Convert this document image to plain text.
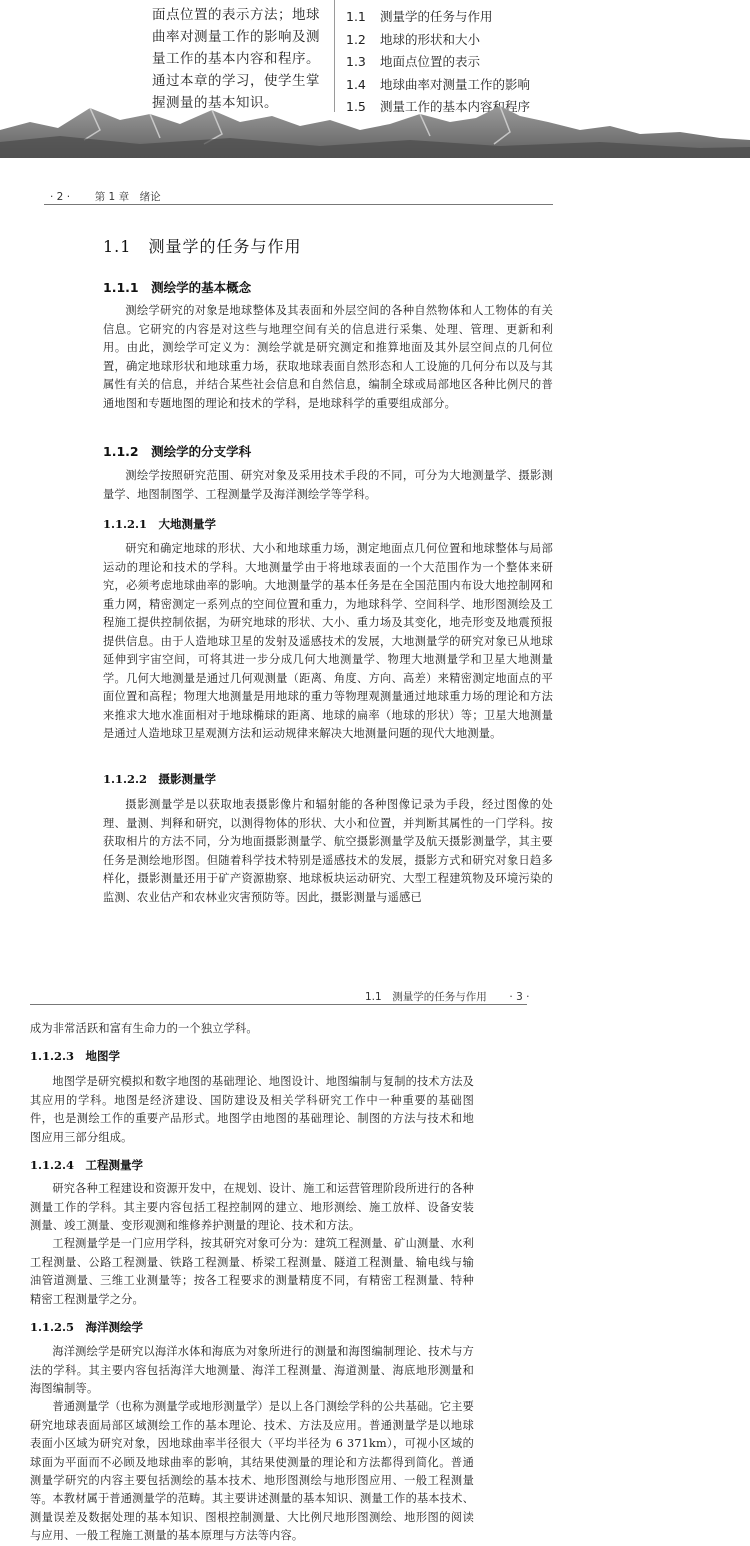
面点位置的表示方法；地球

曲率对测量工作的影响及测

量工作的基本内容和程序。

通过本章的学习，使学生掌

握测量的基本知识。

1.1 测量学的任务与作用
1.2 地球的形状和大小
1.3 地面点位置的表示
1.4 地球曲率对测量工作的影响
1.5 测量工作的基本内容和程序
· 2 · 第 1 章　绪论
1.1　测量学的任务与作用
1.1.1　测绘学的基本概念

测绘学研究的对象是地球整体及其表面和外层空间的各种自然物体和人工物体的有关信息。它研究的内容是对这些与地理空间有关的信息进行采集、处理、管理、更新和利用。由此，测绘学可定义为：测绘学就是研究测定和推算地面及其外层空间点的几何位置，确定地球形状和地球重力场，获取地球表面自然形态和人工设施的几何分布以及与其属性有关的信息，并结合某些社会信息和自然信息，编制全球或局部地区各种比例尺的普通地图和专题地图的理论和技术的学科，是地球科学的重要组成部分。

1.1.2　测绘学的分支学科

测绘学按照研究范围、研究对象及采用技术手段的不同，可分为大地测量学、摄影测量学、地图制图学、工程测量学及海洋测绘学等学科。

1.1.2.1　大地测量学

研究和确定地球的形状、大小和地球重力场，测定地面点几何位置和地球整体与局部运动的理论和技术的学科。大地测量学由于将地球表面的一个大范围作为一个整体来研究，必须考虑地球曲率的影响。大地测量学的基本任务是在全国范围内布设大地控制网和重力网，精密测定一系列点的空间位置和重力，为地球科学、空间科学、地形图测绘及工程施工提供控制依据，为研究地球的形状、大小、重力场及其变化，地壳形变及地震预报提供信息。由于人造地球卫星的发射及遥感技术的发展，大地测量学的研究对象已从地球延伸到宇宙空间，可将其进一步分成几何大地测量学、物理大地测量学和卫星大地测量学。几何大地测量是通过几何观测量（距离、角度、方向、高差）来精密测定地面点的平面位置和高程；物理大地测量是用地球的重力等物理观测量通过地球重力场的理论和方法来推求大地水准面相对于地球椭球的距离、地球的扁率（地球的形状）等；卫星大地测量是通过人造地球卫星观测方法和运动规律来解决大地测量问题的现代大地测量。

1.1.2.2　摄影测量学

摄影测量学是以获取地表摄影像片和辐射能的各种图像记录为手段，经过图像的处理、量测、判释和研究，以测得物体的形状、大小和位置，并判断其属性的一门学科。按获取相片的方法不同，分为地面摄影测量学、航空摄影测量学及航天摄影测量学，其主要任务是测绘地形图。但随着科学技术特别是遥感技术的发展，摄影方式和研究对象日趋多样化，摄影测量还用于矿产资源勘察、地球板块运动研究、大型工程建筑物及环境污染的监测、农业估产和农林业灾害预防等。因此，摄影测量与遥感已

1.1　测量学的任务与作用 · 3 ·

成为非常活跃和富有生命力的一个独立学科。

1.1.2.3　地图学

地图学是研究模拟和数字地图的基础理论、地图设计、地图编制与复制的技术方法及其应用的学科。地图是经济建设、国防建设及相关学科研究工作中一种重要的基础图件，也是测绘工作的重要产品形式。地图学由地图的基础理论、制图的方法与技术和地图应用三部分组成。

1.1.2.4　工程测量学

研究各种工程建设和资源开发中，在规划、设计、施工和运营管理阶段所进行的各种测量工作的学科。其主要内容包括工程控制网的建立、地形测绘、施工放样、设备安装测量、竣工测量、变形观测和维修养护测量的理论、技术和方法。

工程测量学是一门应用学科，按其研究对象可分为：建筑工程测量、矿山测量、水利工程测量、公路工程测量、铁路工程测量、桥梁工程测量、隧道工程测量、输电线与输油管道测量、三维工业测量等；按各工程要求的测量精度不同，有精密工程测量、特种精密工程测量学之分。

1.1.2.5　海洋测绘学

海洋测绘学是研究以海洋水体和海底为对象所进行的测量和海图编制理论、技术与方法的学科。其主要内容包括海洋大地测量、海洋工程测量、海道测量、海底地形测量和海图编制等。

普通测量学（也称为测量学或地形测量学）是以上各门测绘学科的公共基础。它主要研究地球表面局部区域测绘工作的基本理论、技术、方法及应用。普通测量学是以地球表面小区域为研究对象，因地球曲率半径很大（平均半径为 6 371km），可视小区域的球面为平面而不必顾及地球曲率的影响，其结果使测量的理论和方法都得到简化。普通测量学研究的内容主要包括测绘的基本技术、地形图测绘与地形图应用、一般工程测量等。 本教材属于普通测量学的范畴。其主要讲述测量的基本知识、测量工作的基本技术、测量误差及数据处理的基本知识、图根控制测量、大比例尺地形图测绘、地形图的阅读与应用、一般工程施工测量的基本原理与方法等内容。
